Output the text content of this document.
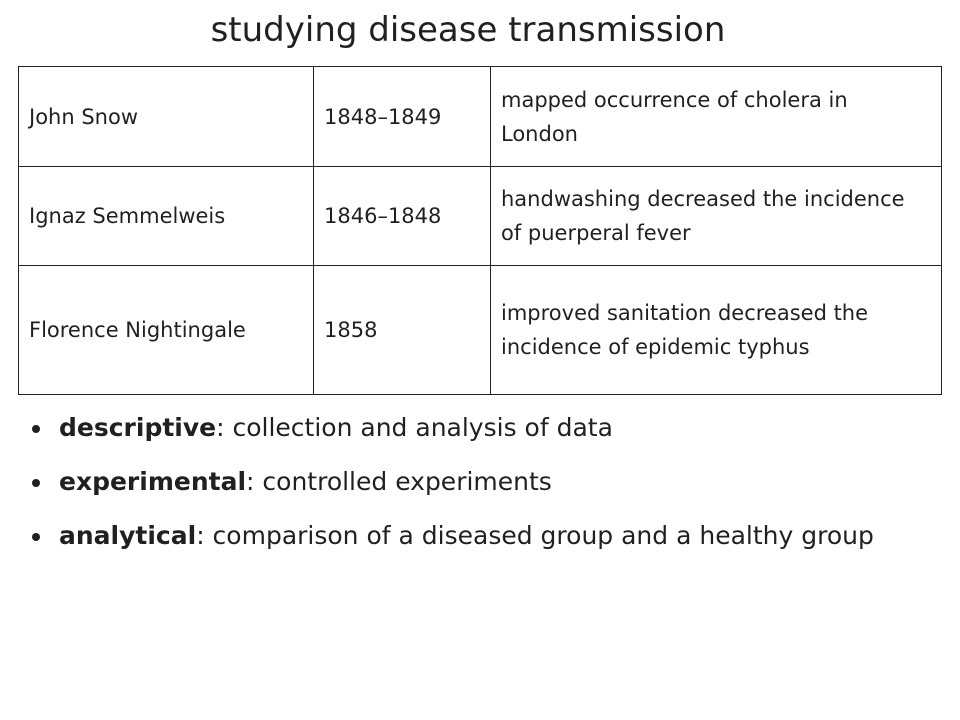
studying disease transmission
John Snow	1848–1849	mapped occurrence of cholera in London
Ignaz Semmelweis	1846–1848	handwashing decreased the incidence of puerperal fever
Florence Nightingale	1858	improved sanitation decreased the incidence of epidemic typhus
descriptive: collection and analysis of data
experimental: controlled experiments
analytical: comparison of a diseased group and a healthy group
